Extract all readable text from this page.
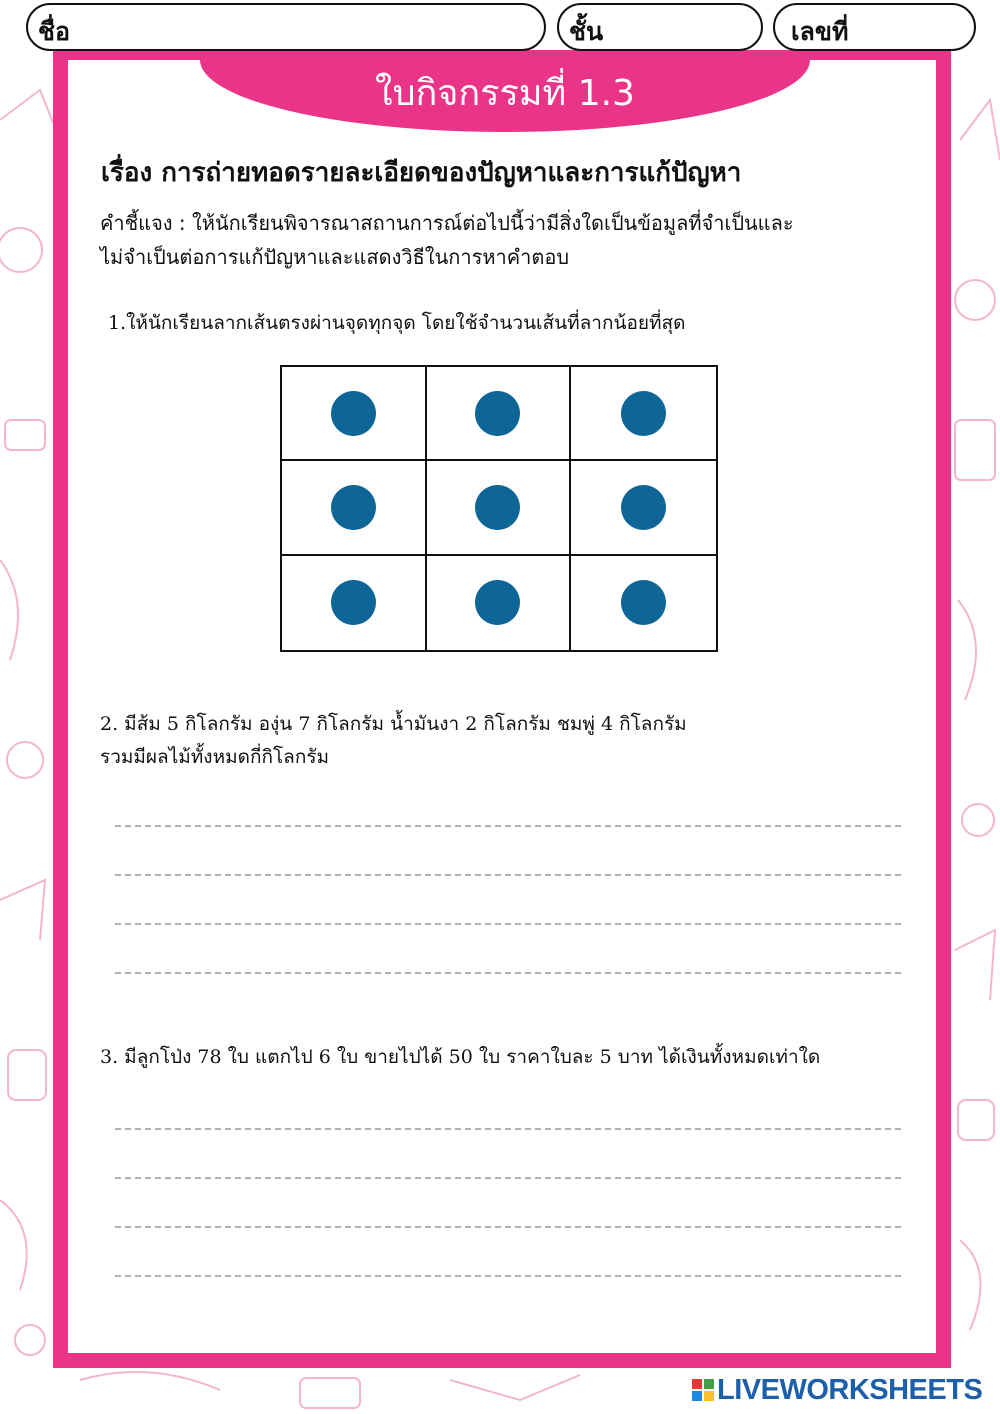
ชื่อ	ชั้น	เลขที่
ใบกิจกรรมที่ 1.3
เรื่อง การถ่ายทอดรายละเอียดของปัญหาและการแก้ปัญหา
คำชี้แจง : ให้นักเรียนพิจารณาสถานการณ์ต่อไปนี้ว่ามีสิ่งใดเป็นข้อมูลที่จำเป็นและ
ไม่จำเป็นต่อการแก้ปัญหาและแสดงวิธีในการหาคำตอบ
1.ให้นักเรียนลากเส้นตรงผ่านจุดทุกจุด โดยใช้จำนวนเส้นที่ลากน้อยที่สุด
2. มีส้ม 5 กิโลกรัม องุ่น 7 กิโลกรัม น้ำมันงา 2 กิโลกรัม ชมพู่ 4 กิโลกรัม
รวมมีผลไม้ทั้งหมดกี่กิโลกรัม
3. มีลูกโป่ง 78 ใบ แตกไป 6 ใบ ขายไปได้ 50 ใบ ราคาใบละ 5 บาท ได้เงินทั้งหมดเท่าใด
LIVEWORKSHEETS
